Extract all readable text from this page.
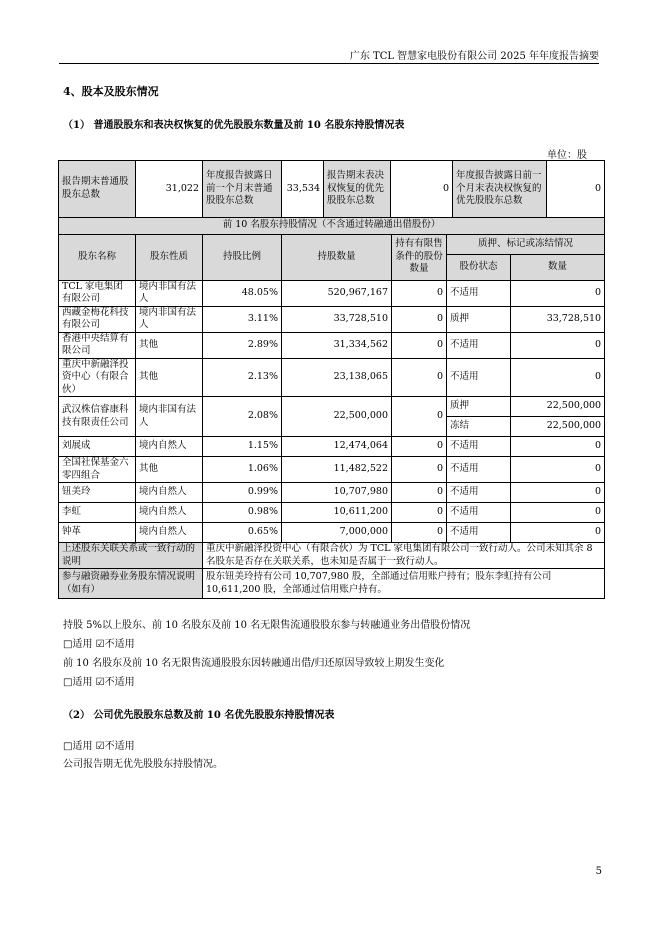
广东 TCL 智慧家电股份有限公司 2025 年年度报告摘要
4、股本及股东情况
（1） 普通股股东和表决权恢复的优先股股东数量及前 10 名股东持股情况表
单位：股
报告期末普通股股东总数	31,022	年度报告披露日前一个月末普通股股东总数	33,534	报告期末表决权恢复的优先股股东总数	0	年度报告披露日前一个月末表决权恢复的优先股股东总数	0
前 10 名股东持股情况（不含通过转融通出借股份）						
股东名称	股东性质	持股比例	持股数量	持有有限售条件的股份数量	质押、标记或冻结情况	
					股份状态	数量
TCL 家电集团有限公司	境内非国有法人	48.05%	520,967,167	0	不适用	0
西藏金梅花科技有限公司	境内非国有法人	3.11%	33,728,510	0	质押	33,728,510
香港中央结算有限公司	其他	2.89%	31,334,562	0	不适用	0
重庆中新融泽投资中心（有限合伙）	其他	2.13%	23,138,065	0	不适用	0
武汉株信睿康科技有限责任公司	境内非国有法人	2.08%	22,500,000	0	质押	22,500,000
					冻结	22,500,000
刘展成	境内自然人	1.15%	12,474,064	0	不适用	0
全国社保基金六零四组合	其他	1.06%	11,482,522	0	不适用	0
钮美玲	境内自然人	0.99%	10,707,980	0	不适用	0
李虹	境内自然人	0.98%	10,611,200	0	不适用	0
钟革	境内自然人	0.65%	7,000,000	0	不适用	0
上述股东关联关系或一致行动的说明		重庆中新融泽投资中心（有限合伙）为 TCL 家电集团有限公司一致行动人。公司未知其余 8 名股东是否存在关联关系，也未知是否属于一致行动人。				
参与融资融券业务股东情况说明（如有）		股东钮美玲持有公司 10,707,980 股，全部通过信用账户持有；股东李虹持有公司 10,611,200 股，全部通过信用账户持有。				
持股 5%以上股东、前 10 名股东及前 10 名无限售流通股股东参与转融通业务出借股份情况
□适用 ☑不适用
前 10 名股东及前 10 名无限售流通股股东因转融通出借/归还原因导致较上期发生变化
□适用 ☑不适用
（2） 公司优先股股东总数及前 10 名优先股股东持股情况表
□适用 ☑不适用
公司报告期无优先股股东持股情况。
5
